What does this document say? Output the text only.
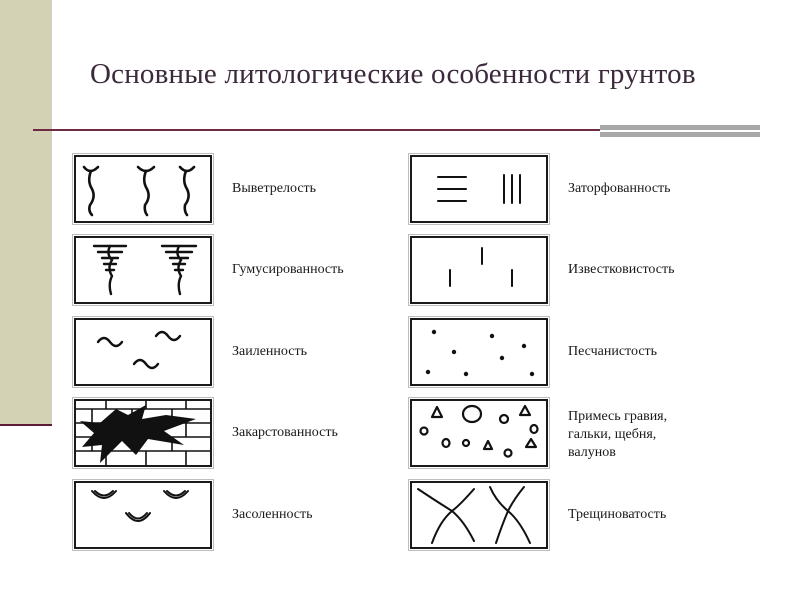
Основные литологические особенности грунтов
Выветрелость
Гумусированность
Заиленность
Закарстованность
Засоленность
Заторфованность
Известковистость
Песчанистость
Примесь гравия,
гальки, щебня,
валунов
Трещиноватость
